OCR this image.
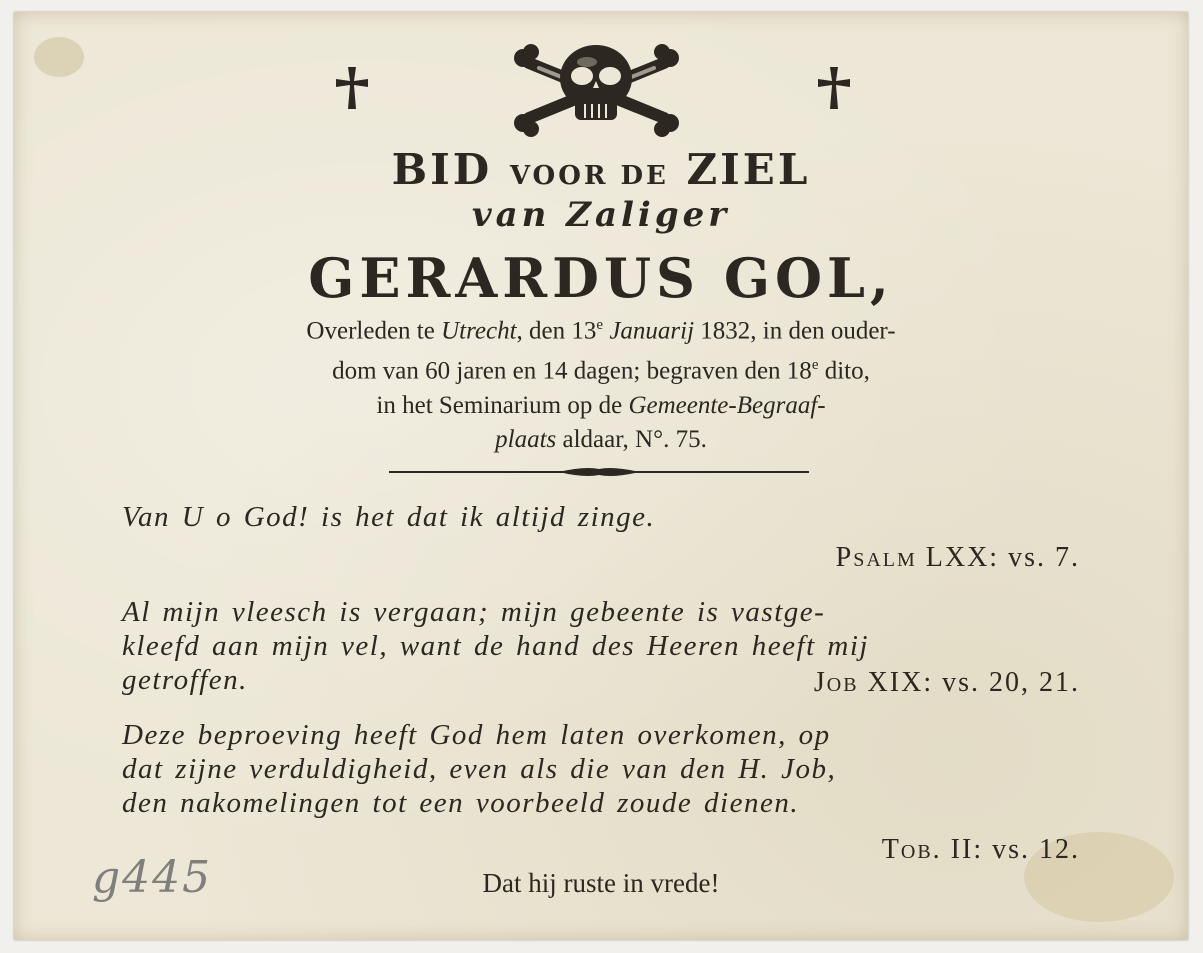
BID VOOR DE ZIEL
van Zaliger
GERARDUS GOL,
Overleden te Utrecht, den 13e Januarij 1832, in den ouder-
dom van 60 jaren en 14 dagen; begraven den 18e dito,
in het Seminarium op de Gemeente-Begraaf-
plaats aldaar, N°. 75.
Van U o God! is het dat ik altijd zinge.
Psalm LXX: vs. 7.
Al mijn vleesch is vergaan; mijn gebeente is vastge-
kleefd aan mijn vel, want de hand des Heeren heeft mij
getroffen.	Job XIX: vs. 20, 21.
Deze beproeving heeft God hem laten overkomen, op
dat zijne verduldigheid, even als die van den H. Job,
den nakomelingen tot een voorbeeld zoude dienen.
Tob. II: vs. 12.
Dat hij ruste in vrede!
g445
